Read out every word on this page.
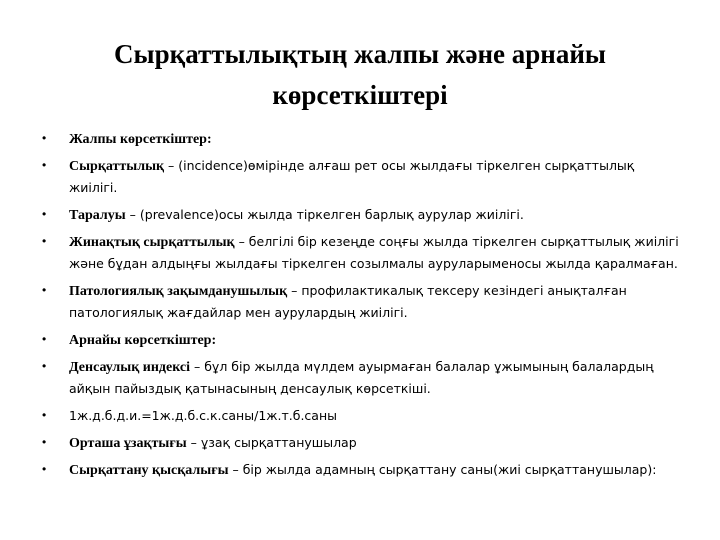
Сырқаттылықтың жалпы және арнайы
көрсеткіштері
•	Жалпы көрсеткіштер:
•	Сырқаттылық – (incidence)өмірінде алғаш рет осы жылдағы тіркелген сырқаттылық жиілігі.
•	Таралуы – (prevalence)осы жылда тіркелген барлық аурулар жиілігі.
•	Жинақтық сырқаттылық – белгілі бір кезеңде соңғы жылда тіркелген сырқаттылық жиілігі және бұдан алдыңғы жылдағы тіркелген созылмалы ауруларыменосы жылда қаралмаған.
•	Патологиялық зақымданушылық – профилактикалық тексеру кезіндегі анықталған патологиялық жағдайлар мен аурулардың жиілігі.
•	Арнайы көрсеткіштер:
•	Денсаулық индексі – бұл бір жылда мүлдем ауырмаған балалар ұжымының балалардың айқын пайыздық қатынасының денсаулық көрсеткіші.
•	1ж.д.б.д.и.=1ж.д.б.с.к.саны/1ж.т.б.саны
•	Орташа ұзақтығы – ұзақ сырқаттанушылар
•	Сырқаттану қысқалығы – бір жылда адамның сырқаттану саны(жиі сырқаттанушылар):
